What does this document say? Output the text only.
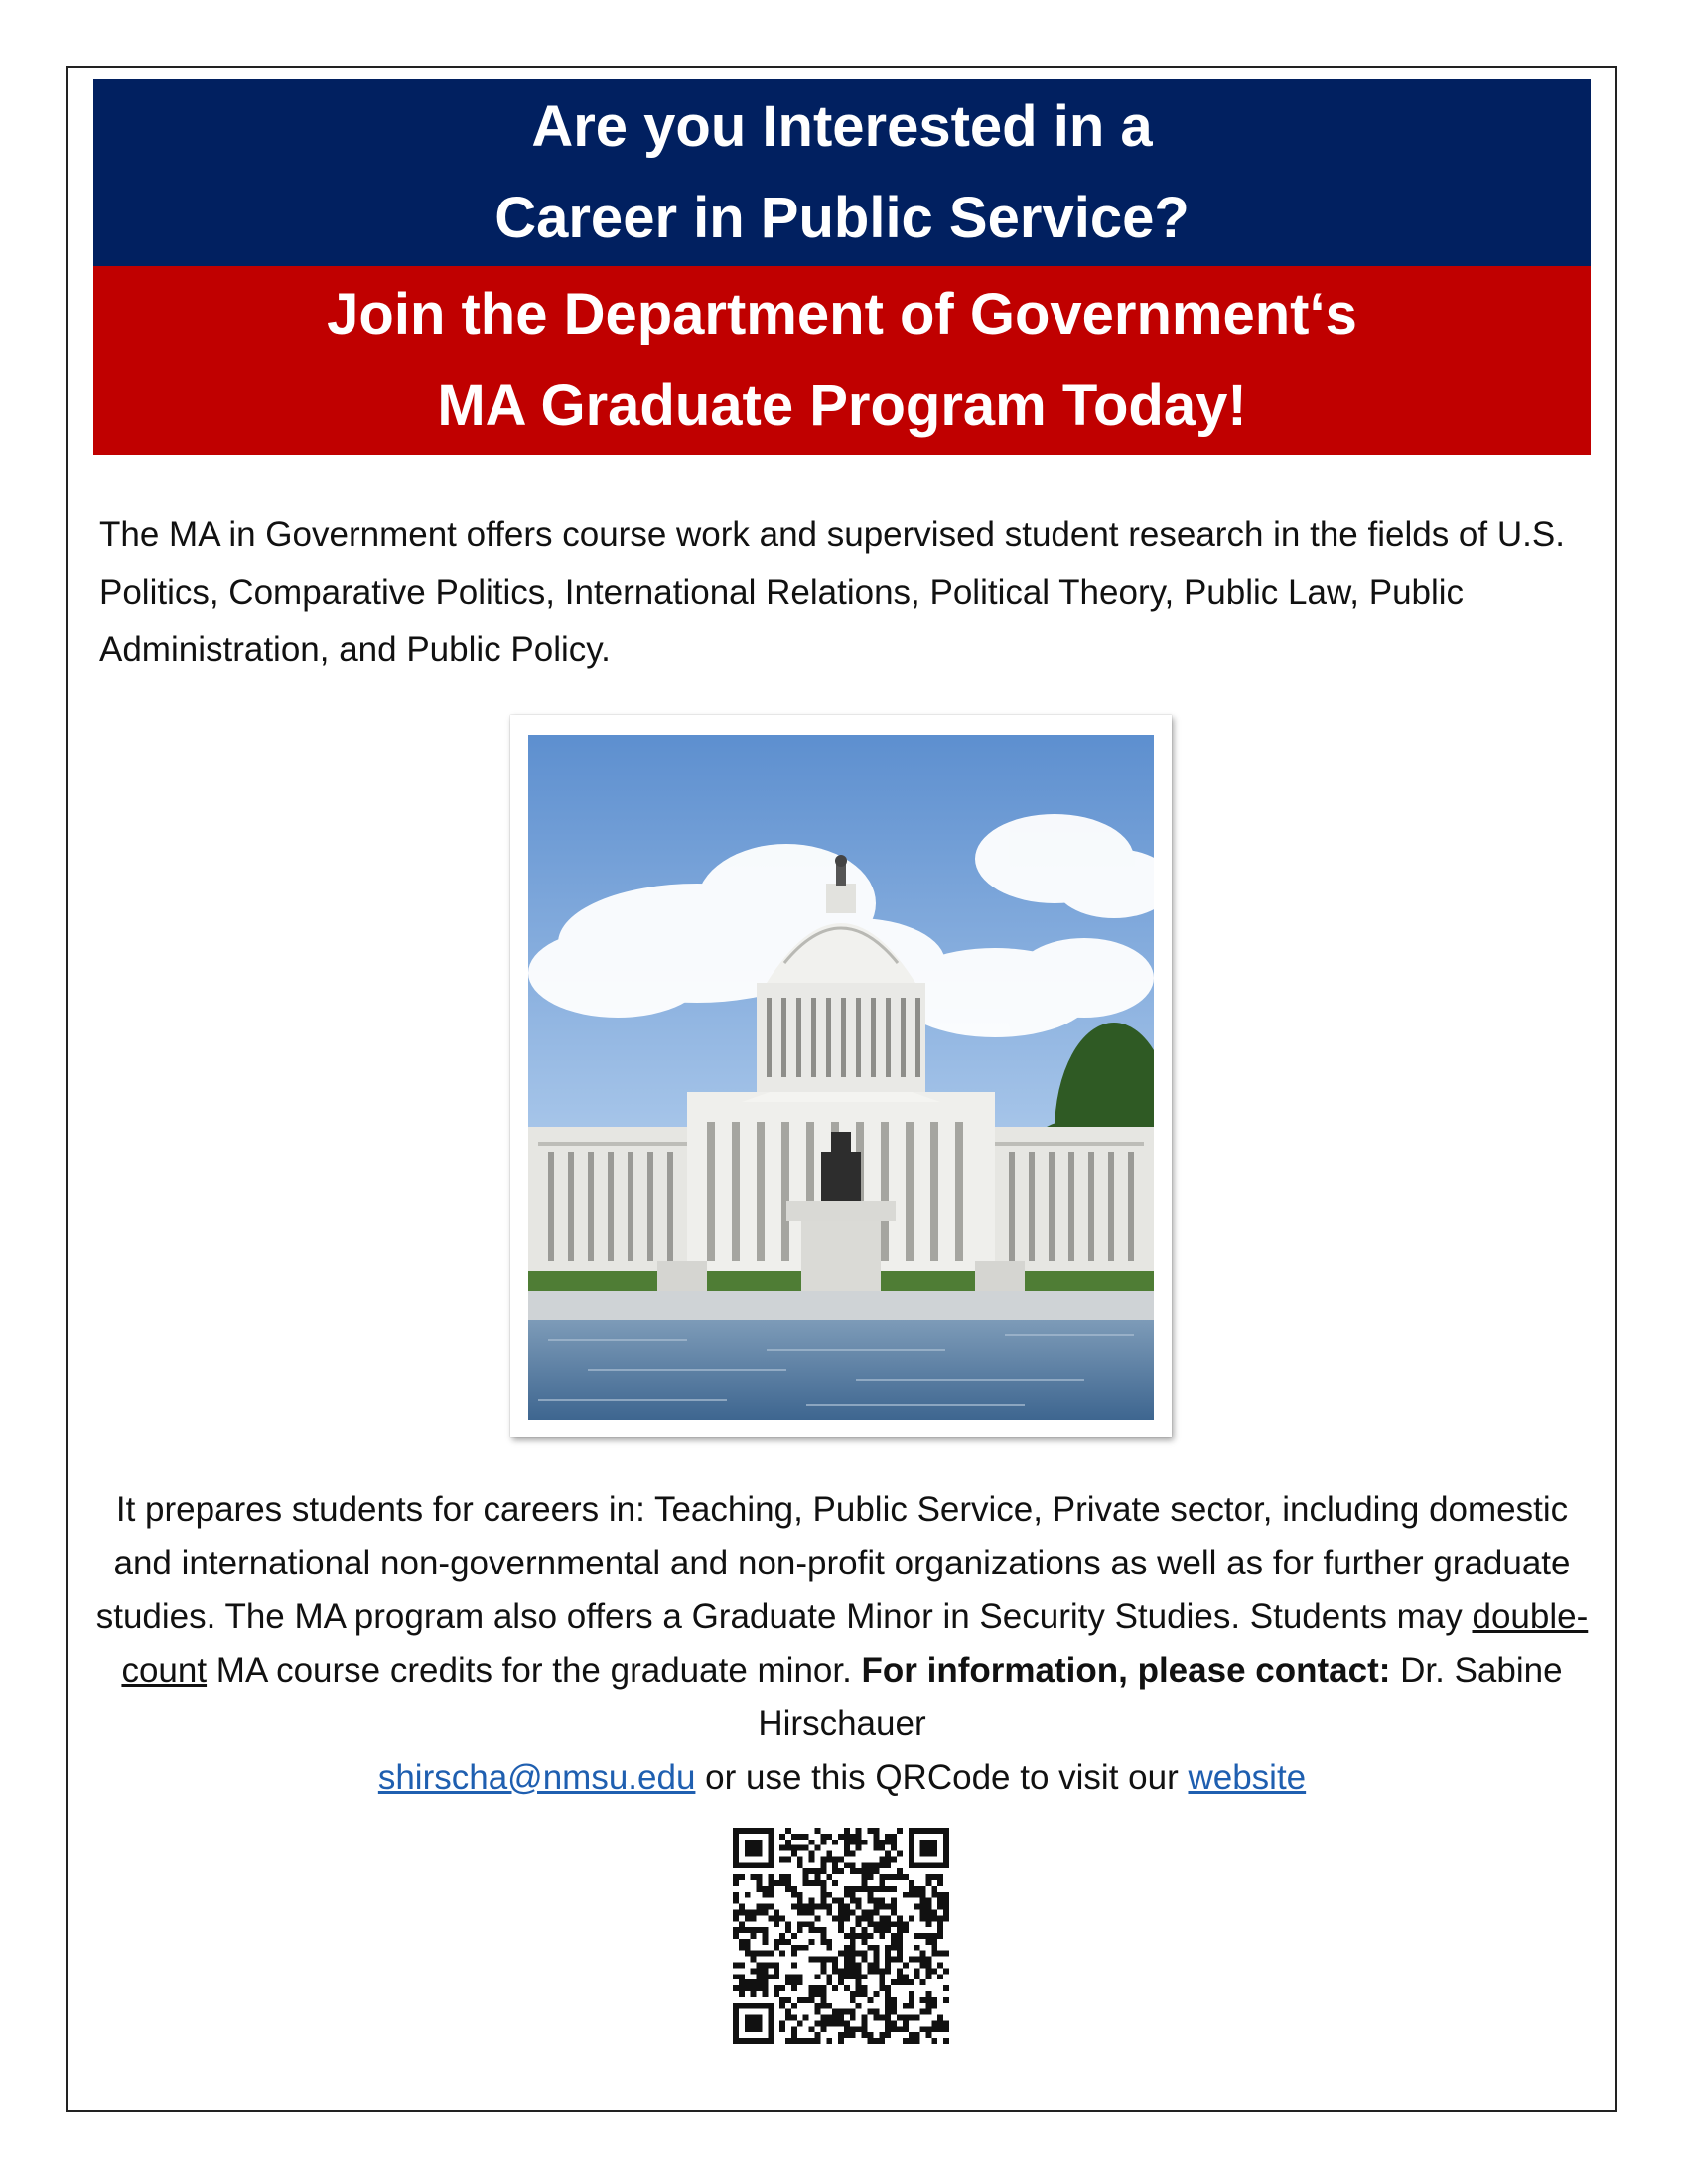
Are you Interested in a
Career in Public Service?
Join the Department of Government‘s
MA Graduate Program Today!
The MA in Government offers course work and supervised student research in the fields of U.S. Politics, Comparative Politics, International Relations, Political Theory, Public Law, Public Administration, and Public Policy.
It prepares students for careers in: Teaching, Public Service, Private sector, including domestic and international non-governmental and non-profit organizations as well as for further graduate studies. The MA program also offers a Graduate Minor in Security Studies. Students may double-count MA course credits for the graduate minor. For information, please contact: Dr. Sabine Hirschauer
shirscha@nmsu.edu or use this QRCode to visit our website
